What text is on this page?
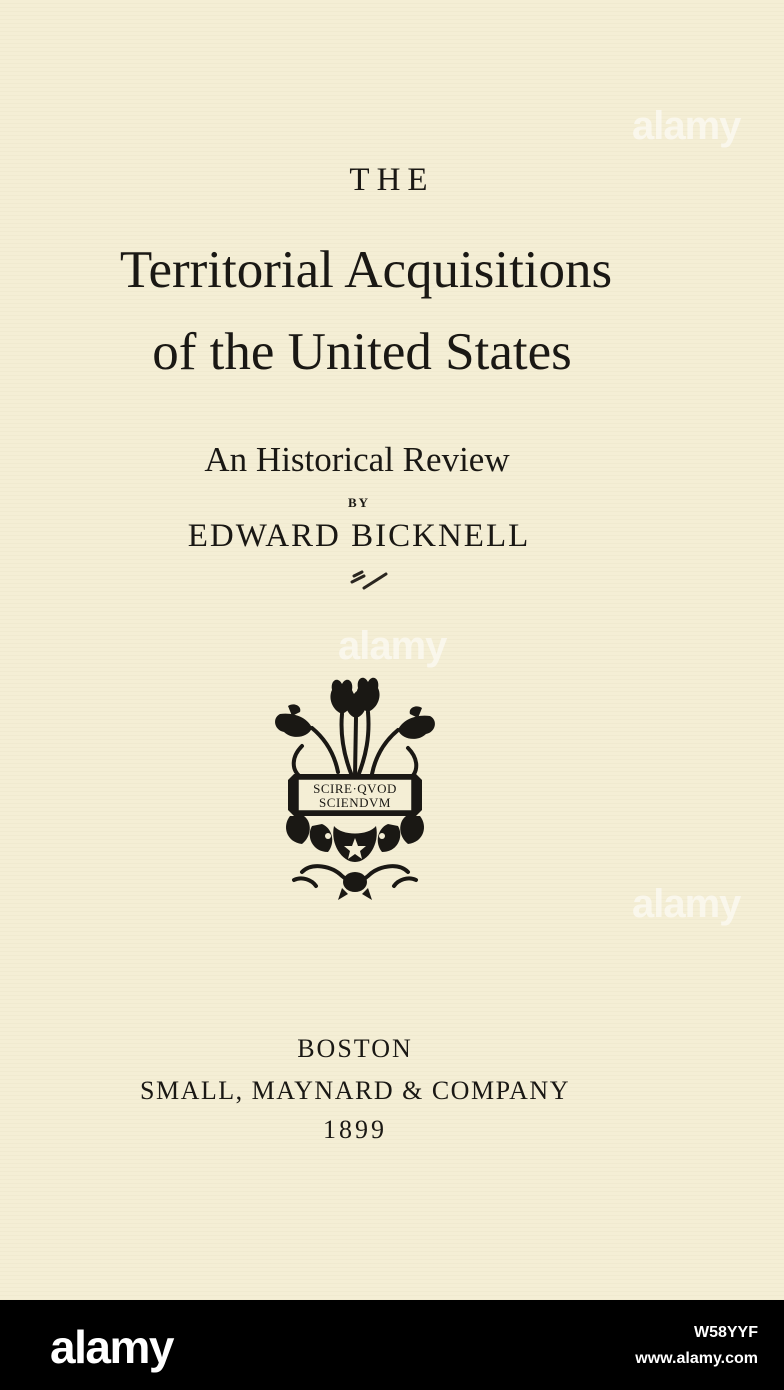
THE
Territorial Acquisitions
of the United States
An Historical Review
BY
EDWARD BICKNELL
SCIRE·QVOD
SCIENDVM
BOSTON
SMALL, MAYNARD & COMPANY
1899
alamy
alamy
alamy
alamy	W58YYF
www.alamy.com
